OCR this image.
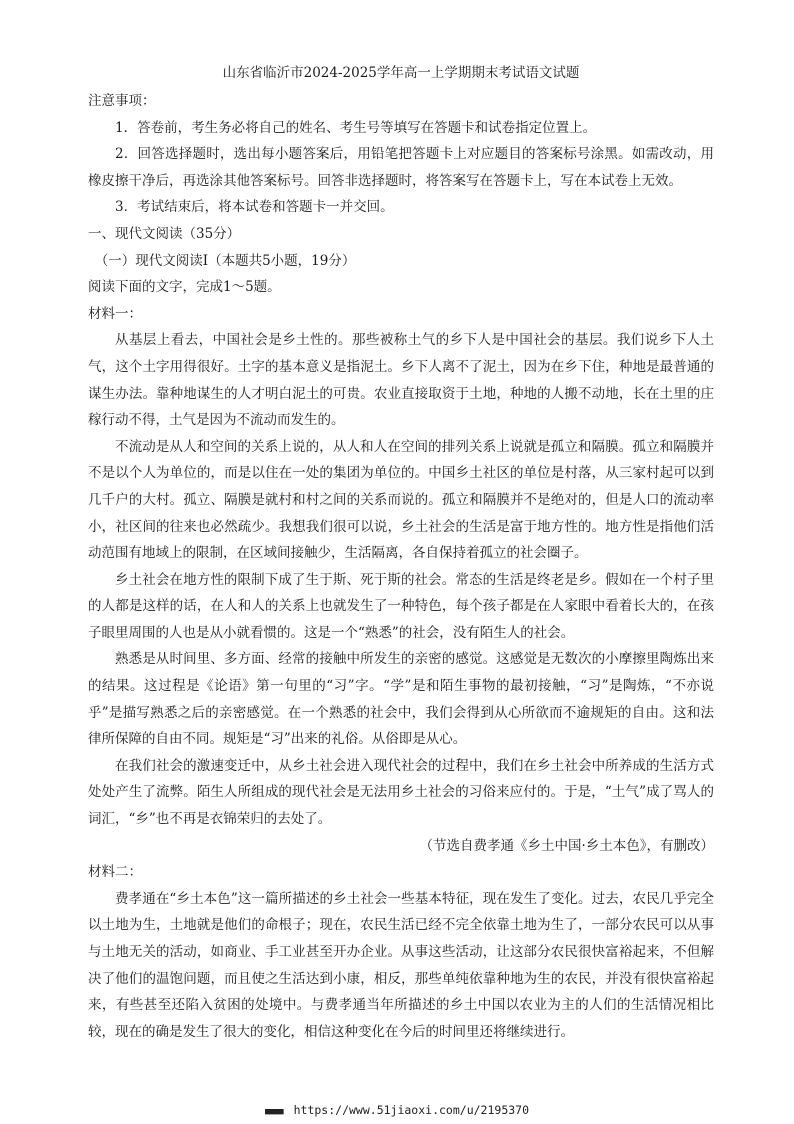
山东省临沂市2024-2025学年高一上学期期末考试语文试题

注意事项：

1．答卷前，考生务必将自己的姓名、考生号等填写在答题卡和试卷指定位置上。

2．回答选择题时，选出每小题答案后，用铅笔把答题卡上对应题目的答案标号涂黑。如需改动，用橡皮擦干净后，再选涂其他答案标号。回答非选择题时，将答案写在答题卡上，写在本试卷上无效。

3．考试结束后，将本试卷和答题卡一并交回。

一、现代文阅读（35分）

（一）现代文阅读Ⅰ（本题共5小题，19分）

阅读下面的文字，完成1～5题。

材料一：

从基层上看去，中国社会是乡土性的。那些被称土气的乡下人是中国社会的基层。我们说乡下人土气，这个土字用得很好。土字的基本意义是指泥土。乡下人离不了泥土，因为在乡下住，种地是最普通的谋生办法。靠种地谋生的人才明白泥土的可贵。农业直接取资于土地，种地的人搬不动地，长在土里的庄稼行动不得，土气是因为不流动而发生的。

不流动是从人和空间的关系上说的，从人和人在空间的排列关系上说就是孤立和隔膜。孤立和隔膜并不是以个人为单位的，而是以住在一处的集团为单位的。中国乡土社区的单位是村落，从三家村起可以到几千户的大村。孤立、隔膜是就村和村之间的关系而说的。孤立和隔膜并不是绝对的，但是人口的流动率小，社区间的往来也必然疏少。我想我们很可以说，乡土社会的生活是富于地方性的。地方性是指他们活动范围有地域上的限制，在区域间接触少，生活隔离，各自保持着孤立的社会圈子。

乡土社会在地方性的限制下成了生于斯、死于斯的社会。常态的生活是终老是乡。假如在一个村子里的人都是这样的话，在人和人的关系上也就发生了一种特色，每个孩子都是在人家眼中看着长大的，在孩子眼里周围的人也是从小就看惯的。这是一个“熟悉”的社会，没有陌生人的社会。

熟悉是从时间里、多方面、经常的接触中所发生的亲密的感觉。这感觉是无数次的小摩擦里陶炼出来的结果。这过程是《论语》第一句里的“习”字。“学”是和陌生事物的最初接触，“习”是陶炼，“不亦说乎”是描写熟悉之后的亲密感觉。在一个熟悉的社会中，我们会得到从心所欲而不逾规矩的自由。这和法律所保障的自由不同。规矩是“习”出来的礼俗。从俗即是从心。

在我们社会的激速变迁中，从乡土社会进入现代社会的过程中，我们在乡土社会中所养成的生活方式处处产生了流弊。陌生人所组成的现代社会是无法用乡土社会的习俗来应付的。于是，“土气”成了骂人的词汇，“乡”也不再是衣锦荣归的去处了。

（节选自费孝通《乡土中国·乡土本色》，有删改）

材料二：

费孝通在“乡土本色”这一篇所描述的乡土社会一些基本特征，现在发生了变化。过去，农民几乎完全以土地为生，土地就是他们的命根子；现在，农民生活已经不完全依靠土地为生了，一部分农民可以从事与土地无关的活动，如商业、手工业甚至开办企业。从事这些活动，让这部分农民很快富裕起来，不但解决了他们的温饱问题，而且使之生活达到小康，相反，那些单纯依靠种地为生的农民，并没有很快富裕起来，有些甚至还陷入贫困的处境中。与费孝通当年所描述的乡土中国以农业为主的人们的生活情况相比较，现在的确是发生了很大的变化，相信这种变化在今后的时间里还将继续进行。

■■■■ https://www.51jiaoxi.com/u/2195370
